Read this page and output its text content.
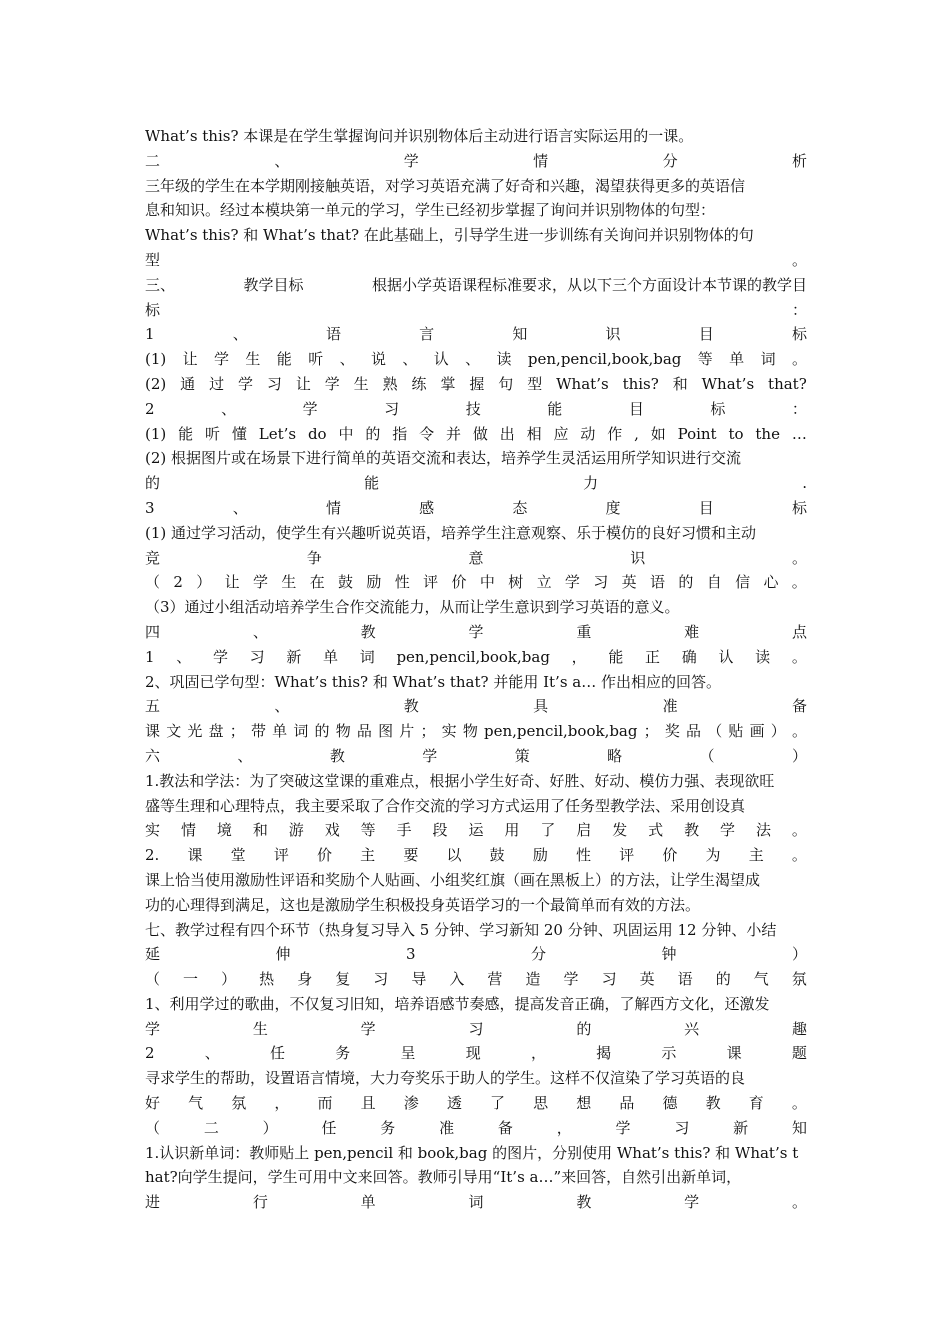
What’s this? 本课是在学生掌握询问并识别物体后主动进行语言实际运用的一课。
二	、	学	情	分	析
三年级的学生在本学期刚接触英语，对学习英语充满了好奇和兴趣，渴望获得更多的英语信
息和知识。经过本模块第一单元的学习，学生已经初步掌握了询问并识别物体的句型：
What’s this? 和 What’s that? 在此基础上，引导学生进一步训练有关询问并识别物体的句
型	。
三、	教学目标	根据小学英语课程标准要求，从以下三个方面设计本节课的教学目
标	：
1	、	语	言	知	识	目	标
(1) 让 学 生 能 听 、 说 、 认 、 读 pen,pencil,book,bag 等 单 词 。
(2) 通 过 学 习 让 学 生 熟 练 掌 握 句 型 What’s this? 和 What’s that?
2	、	学	习	技	能	目	标	：
(1) 能 听 懂 Let’s do 中 的 指 令 并 做 出 相 应 动 作 , 如 Point to the …
(2) 根据图片或在场景下进行简单的英语交流和表达，培养学生灵活运用所学知识进行交流
的	能	力	.
3	、	情	感	态	度	目	标
(1) 通过学习活动，使学生有兴趣听说英语，培养学生注意观察、乐于模仿的良好习惯和主动
竞	争	意	识	。
（ 2 ） 让 学 生 在 鼓 励 性 评 价 中 树 立 学 习 英 语 的 自 信 心 。
（3）通过小组活动培养学生合作交流能力，从而让学生意识到学习英语的意义。
四	、	教	学	重	难	点
1 、 学 习 新 单 词 pen,pencil,book,bag ， 能 正 确 认 读 。
2、巩固已学句型：What’s this? 和 What’s that? 并能用 It’s a… 作出相应的回答。
五	、	教	具	准	备
课 文 光 盘 ； 带 单 词 的 物 品 图 片 ； 实 物 pen,pencil,book,bag ； 奖 品 （ 贴 画 ） 。
六	、	教	学	策	略	（	）
1.教法和学法：为了突破这堂课的重难点，根据小学生好奇、好胜、好动、模仿力强、表现欲旺
盛等生理和心理特点，我主要采取了合作交流的学习方式运用了任务型教学法、采用创设真
实 情 境 和 游 戏 等 手 段 运 用 了 启 发 式 教 学 法 。
2. 课 堂 评 价 主 要 以 鼓 励 性 评 价 为 主 。
课上恰当使用激励性评语和奖励个人贴画、小组奖红旗（画在黑板上）的方法，让学生渴望成
功的心理得到满足，这也是激励学生积极投身英语学习的一个最简单而有效的方法。
七、教学过程有四个环节（热身复习导入 5 分钟、学习新知 20 分钟、巩固运用 12 分钟、小结
延	伸	3	分	钟	）
（ 一 ） 热 身 复 习 导 入 营 造 学 习 英 语 的 气 氛
1、利用学过的歌曲，不仅复习旧知，培养语感节奏感，提高发音正确，了解西方文化，还激发
学	生	学	习	的	兴	趣
2	、	任	务	呈	现	，	揭	示	课	题
寻求学生的帮助，设置语言情境，大力夸奖乐于助人的学生。这样不仅渲染了学习英语的良
好 气 氛 ， 而 且 渗 透 了 思 想 品 德 教 育 。
（	二	）	任	务	准	备	，	学	习	新	知
1.认识新单词：教师贴上 pen,pencil 和 book,bag 的图片，分别使用 What’s this? 和 What’s t
hat?向学生提问，学生可用中文来回答。教师引导用“It’s a…”来回答，自然引出新单词，
进	行	单	词	教	学	。
